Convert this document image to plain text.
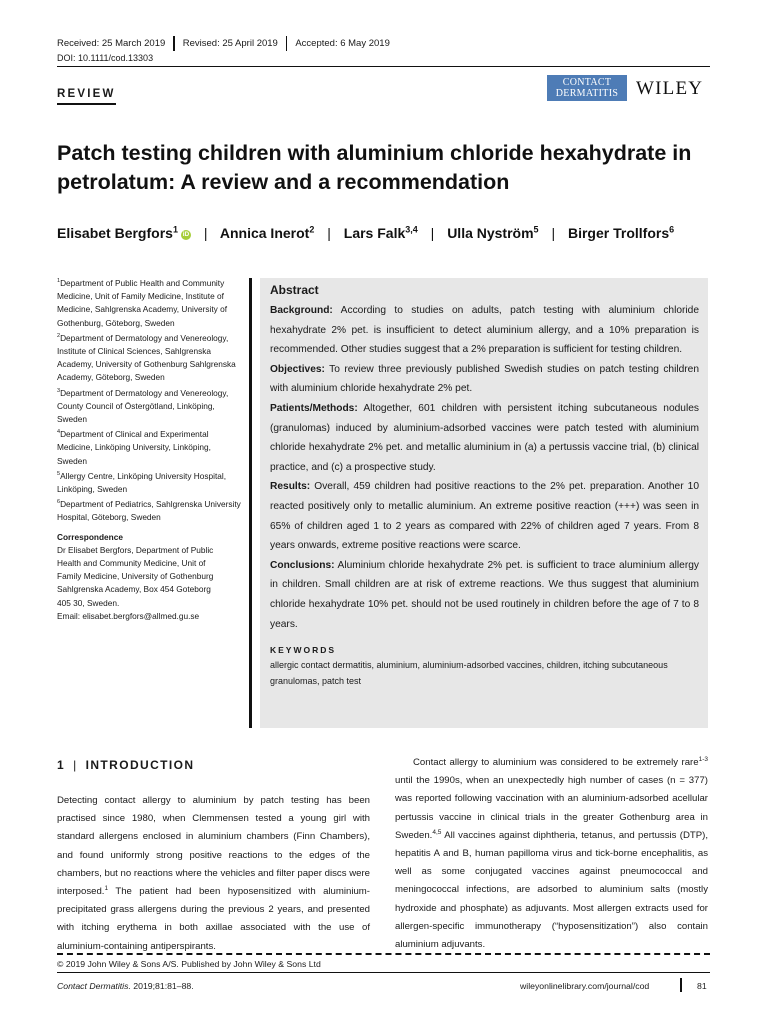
Received: 25 March 2019	Revised: 25 April 2019	Accepted: 6 May 2019
DOI: 10.1111/cod.13303
REVIEW
CONTACT
DERMATITIS WILEY
Patch testing children with aluminium chloride hexahydrate in petrolatum: A review and a recommendation
Elisabet Bergfors$^1$iD | Annica Inerot$^2$ | Lars Falk$^{3,4}$ | Ulla Nyström$^5$ | Birger Trollfors$^6$
$^1$Department of Public Health and Community Medicine, Unit of Family Medicine, Institute of Medicine, Sahlgrenska Academy, University of Gothenburg, Göteborg, Sweden
$^2$Department of Dermatology and Venereology, Institute of Clinical Sciences, Sahlgrenska Academy, University of Gothenburg Sahlgrenska Academy, Göteborg, Sweden
$^3$Department of Dermatology and Venereology, County Council of Östergötland, Linköping, Sweden
$^4$Department of Clinical and Experimental Medicine, Linköping University, Linköping, Sweden
$^5$Allergy Centre, Linköping University Hospital, Linköping, Sweden
$^6$Department of Pediatrics, Sahlgrenska University Hospital, Göteborg, Sweden
Correspondence
Dr Elisabet Bergfors, Department of Public
Health and Community Medicine, Unit of
Family Medicine, University of Gothenburg
Sahlgrenska Academy, Box 454 Goteborg
405 30, Sweden.
Email: elisabet.bergfors@allmed.gu.se
Abstract

Background: According to studies on adults, patch testing with aluminium chloride hexahydrate 2% pet. is insufficient to detect aluminium allergy, and a 10% preparation is recommended. Other studies suggest that a 2% preparation is sufficient for testing children.

Objectives: To review three previously published Swedish studies on patch testing children with aluminium chloride hexahydrate 2% pet.

Patients/Methods: Altogether, 601 children with persistent itching subcutaneous nodules (granulomas) induced by aluminium-adsorbed vaccines were patch tested with aluminium chloride hexahydrate 2% pet. and metallic aluminium in (a) a pertussis vaccine trial, (b) clinical practice, and (c) a prospective study.

Results: Overall, 459 children had positive reactions to the 2% pet. preparation. Another 10 reacted positively only to metallic aluminium. An extreme positive reaction (+++) was seen in 65% of children aged 1 to 2 years as compared with 22% of children aged 7 years. From 8 years onwards, extreme positive reactions were scarce.

Conclusions: Aluminium chloride hexahydrate 2% pet. is sufficient to trace aluminium allergy in children. Small children are at risk of extreme reactions. We thus suggest that aluminium chloride hexahydrate 10% pet. should not be used routinely in children before the age of 7 to 8 years.

KEYWORDS
allergic contact dermatitis, aluminium, aluminium-adsorbed vaccines, children, itching subcutaneous granulomas, patch test
1 | INTRODUCTION

Detecting contact allergy to aluminium by patch testing has been practised since 1980, when Clemmensen tested a young girl with standard allergens enclosed in aluminium chambers (Finn Chambers), and found uniformly strong positive reactions to the edges of the chambers, but no reactions where the vehicles and filter paper discs were interposed.$^1$ The patient had been hyposensitized with aluminium-precipitated grass allergens during the previous 2 years, and presented with itching erythema in both axillae associated with the use of aluminium-containing antiperspirants.

Contact allergy to aluminium was considered to be extremely rare$^{1-3}$ until the 1990s, when an unexpectedly high number of cases (n = 377) was reported following vaccination with an aluminium-adsorbed acellular pertussis vaccine in clinical trials in the greater Gothenburg area in Sweden.$^{4,5}$ All vaccines against diphtheria, tetanus, and pertussis (DTP), hepatitis A and B, human papilloma virus and tick-borne encephalitis, as well as some conjugated vaccines against pneumococcal and meningococcal infections, are adsorbed to aluminium salts (mostly hydroxide and phosphate) as adjuvants. Most allergen extracts used for allergen-specific immunotherapy (“hyposensitization”) also contain aluminium adjuvants.

© 2019 John Wiley & Sons A/S. Published by John Wiley & Sons Ltd
Contact Dermatitis. 2019;81:81–88.	wileyonlinelibrary.com/journal/cod	81
